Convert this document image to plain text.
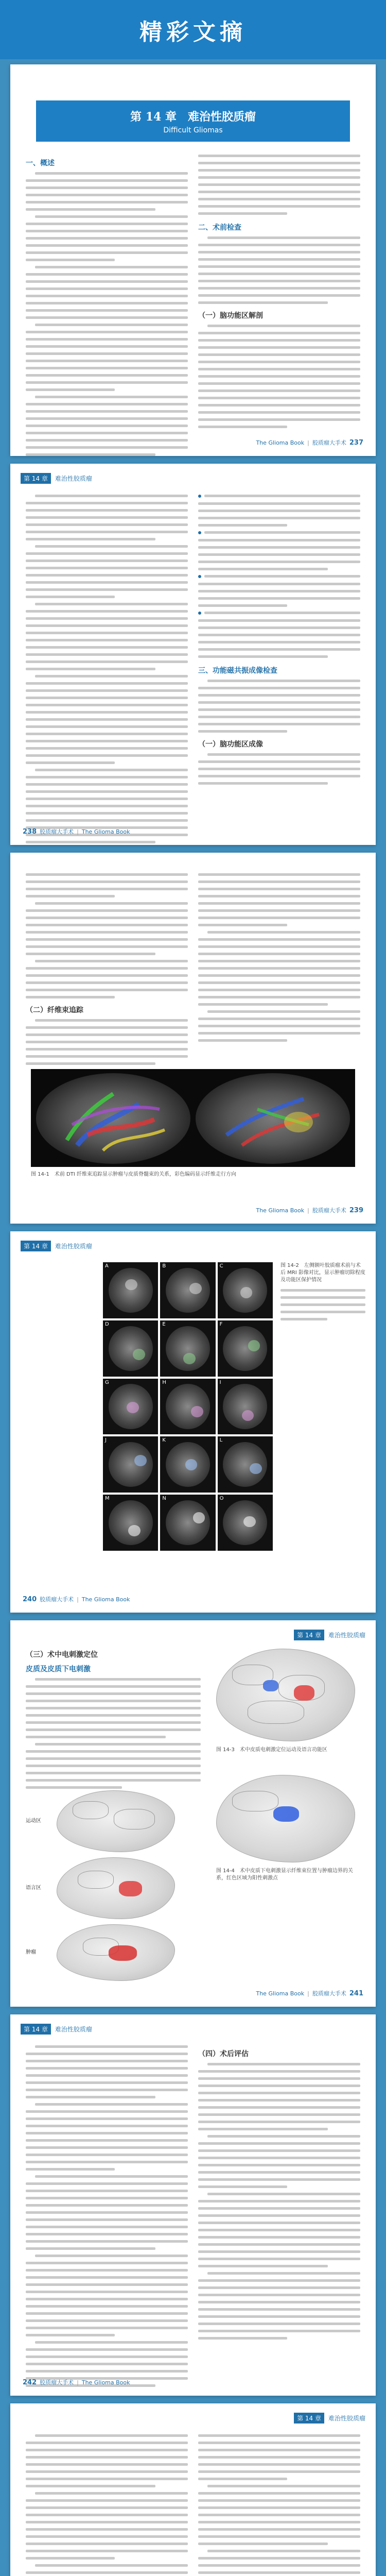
精彩文摘
第 14 章　难治性胶质瘤
Difficult Gliomas
一、概述
二、术前检查
（一）脑功能区解剖
The Glioma Book | 胶质瘤大手术 237
第 14 章	难治性胶质瘤
三、功能磁共振成像检查
（一）脑功能区成像
238 胶质瘤大手术 | The Glioma Book
（二）纤维束追踪
图 14-1　术前 DTI 纤维束追踪显示肿瘤与皮质脊髓束的关系，彩色编码显示纤维走行方向
The Glioma Book | 胶质瘤大手术 239
第 14 章	难治性胶质瘤
A	B	C
D	E	F
G	H	I
J	K	L
M	N	O
图 14-2　左侧额叶胶质瘤术前与术后 MRI 影像对比，显示肿瘤切除程度及功能区保护情况
240 胶质瘤大手术 | The Glioma Book
第 14 章	难治性胶质瘤
（三）术中电刺激定位
皮质及皮质下电刺激
图 14-3　术中皮质电刺激定位运动及语言功能区
运动区
语言区
肿瘤
图 14-4　术中皮质下电刺激显示纤维束位置与肿瘤边界的关系，红色区域为阳性刺激点
The Glioma Book | 胶质瘤大手术 241
第 14 章	难治性胶质瘤
（四）术后评估
242 胶质瘤大手术 | The Glioma Book
第 14 章	难治性胶质瘤
